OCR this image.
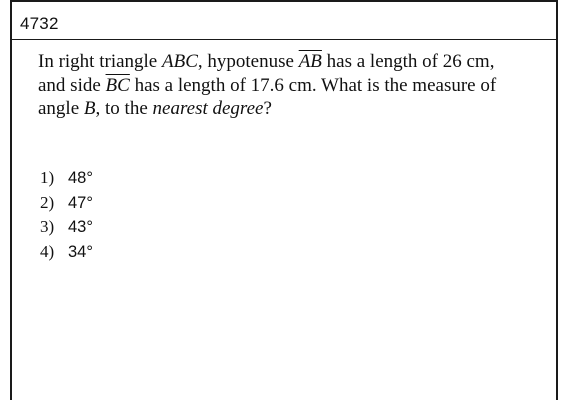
4732
In right triangle ABC, hypotenuse $\overline{AB}$ has a length of 26 cm, and side $\overline{BC}$ has a length of 17.6 cm. What is the measure of angle B, to the nearest degree?
1) 48°
2) 47°
3) 43°
4) 34°
